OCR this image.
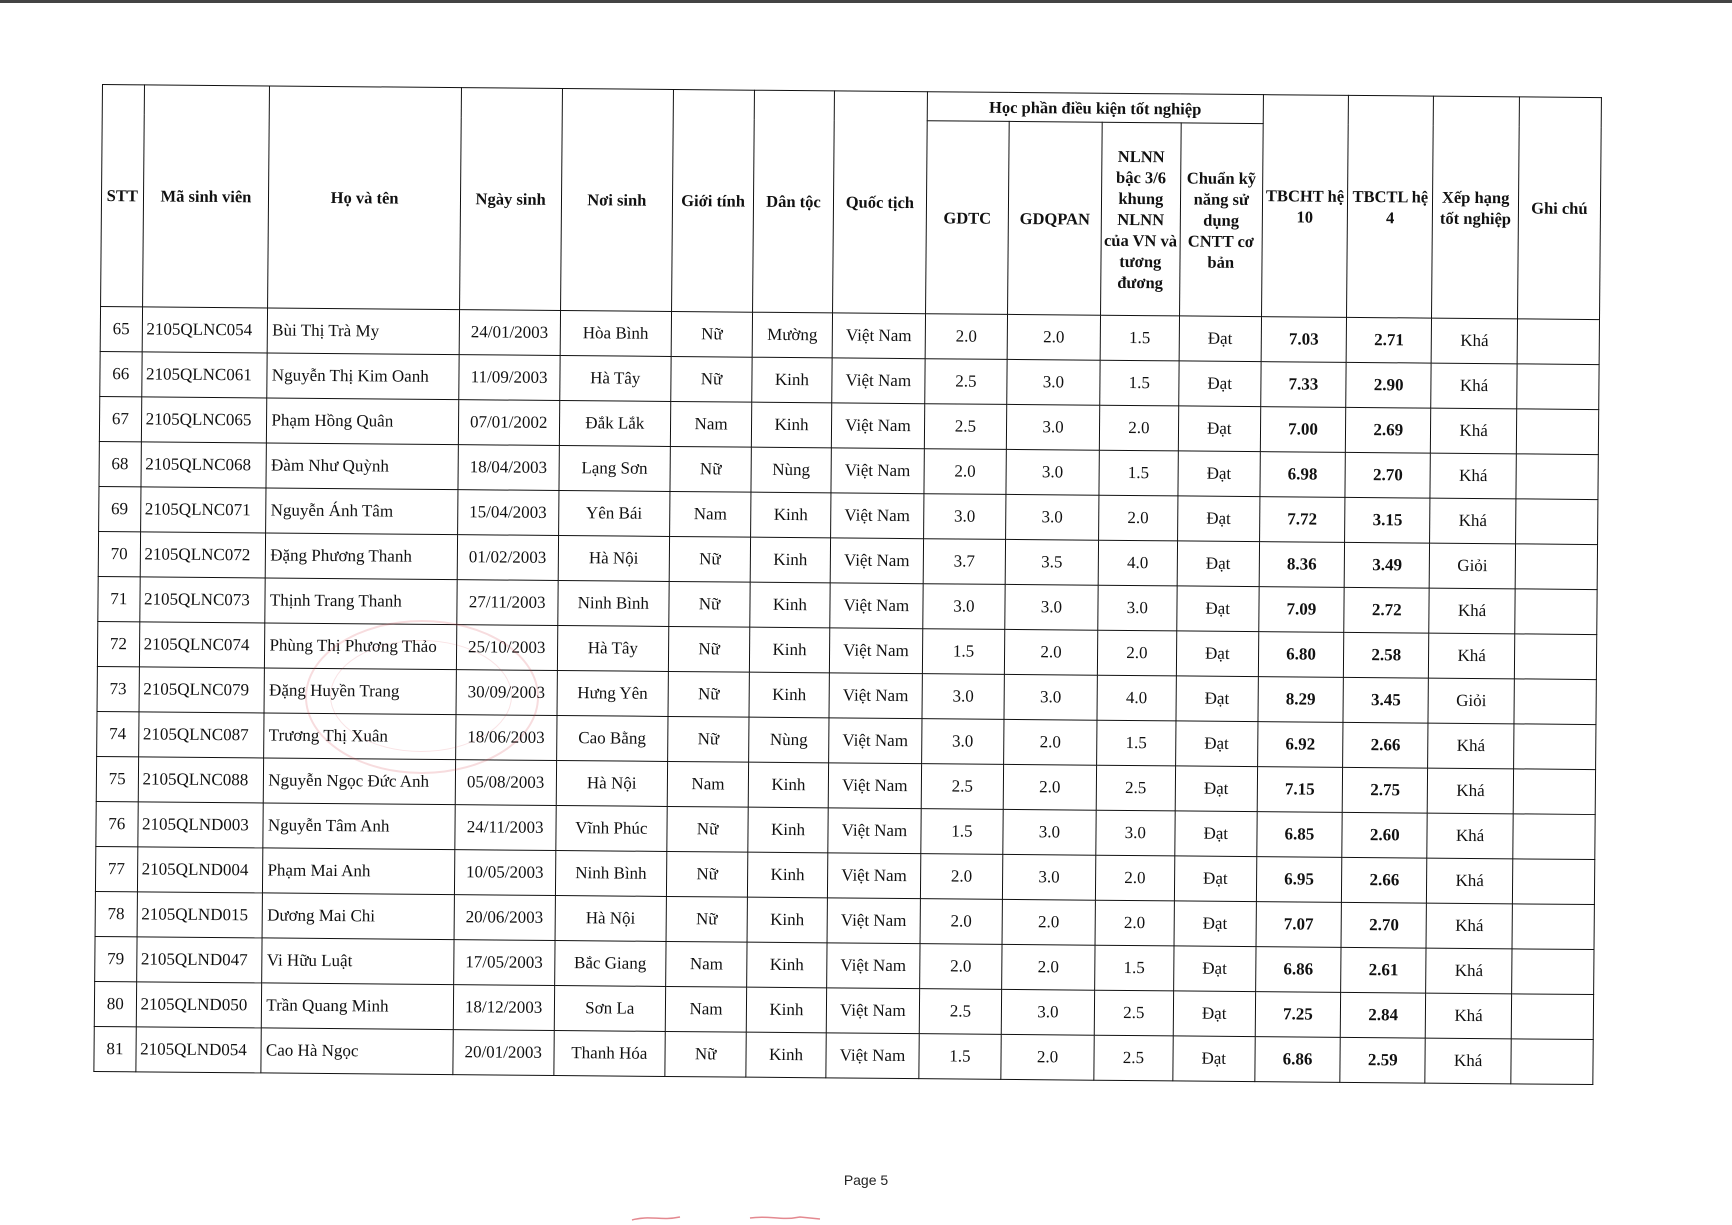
STT	Mã sinh viên	Họ và tên	Ngày sinh	Nơi sinh	Giới tính	Dân tộc	Quốc tịch	Học phần điều kiện tốt nghiệp				TBCHT hệ 10	TBCTL hệ 4	Xếp hạng tốt nghiệp	Ghi chú
								GDTC	GDQPAN	NLNN bậc 3/6 khung NLNN của VN và tương đương	Chuẩn kỹ năng sử dụng CNTT cơ bản				
65	2105QLNC054	Bùi Thị Trà My	24/01/2003	Hòa Bình	Nữ	Mường	Việt Nam	2.0	2.0	1.5	Đạt	7.03	2.71	Khá	
66	2105QLNC061	Nguyễn Thị Kim Oanh	11/09/2003	Hà Tây	Nữ	Kinh	Việt Nam	2.5	3.0	1.5	Đạt	7.33	2.90	Khá	
67	2105QLNC065	Phạm Hồng Quân	07/01/2002	Đắk Lắk	Nam	Kinh	Việt Nam	2.5	3.0	2.0	Đạt	7.00	2.69	Khá	
68	2105QLNC068	Đàm Như Quỳnh	18/04/2003	Lạng Sơn	Nữ	Nùng	Việt Nam	2.0	3.0	1.5	Đạt	6.98	2.70	Khá	
69	2105QLNC071	Nguyễn Ánh Tâm	15/04/2003	Yên Bái	Nam	Kinh	Việt Nam	3.0	3.0	2.0	Đạt	7.72	3.15	Khá	
70	2105QLNC072	Đặng Phương Thanh	01/02/2003	Hà Nội	Nữ	Kinh	Việt Nam	3.7	3.5	4.0	Đạt	8.36	3.49	Giỏi	
71	2105QLNC073	Thịnh Trang Thanh	27/11/2003	Ninh Bình	Nữ	Kinh	Việt Nam	3.0	3.0	3.0	Đạt	7.09	2.72	Khá	
72	2105QLNC074	Phùng Thị Phương Thảo	25/10/2003	Hà Tây	Nữ	Kinh	Việt Nam	1.5	2.0	2.0	Đạt	6.80	2.58	Khá	
73	2105QLNC079	Đặng Huyền Trang	30/09/2003	Hưng Yên	Nữ	Kinh	Việt Nam	3.0	3.0	4.0	Đạt	8.29	3.45	Giỏi	
74	2105QLNC087	Trương Thị Xuân	18/06/2003	Cao Bằng	Nữ	Nùng	Việt Nam	3.0	2.0	1.5	Đạt	6.92	2.66	Khá	
75	2105QLNC088	Nguyễn Ngọc Đức Anh	05/08/2003	Hà Nội	Nam	Kinh	Việt Nam	2.5	2.0	2.5	Đạt	7.15	2.75	Khá	
76	2105QLND003	Nguyễn Tâm Anh	24/11/2003	Vĩnh Phúc	Nữ	Kinh	Việt Nam	1.5	3.0	3.0	Đạt	6.85	2.60	Khá	
77	2105QLND004	Phạm Mai Anh	10/05/2003	Ninh Bình	Nữ	Kinh	Việt Nam	2.0	3.0	2.0	Đạt	6.95	2.66	Khá	
78	2105QLND015	Dương Mai Chi	20/06/2003	Hà Nội	Nữ	Kinh	Việt Nam	2.0	2.0	2.0	Đạt	7.07	2.70	Khá	
79	2105QLND047	Vi Hữu Luật	17/05/2003	Bắc Giang	Nam	Kinh	Việt Nam	2.0	2.0	1.5	Đạt	6.86	2.61	Khá	
80	2105QLND050	Trần Quang Minh	18/12/2003	Sơn La	Nam	Kinh	Việt Nam	2.5	3.0	2.5	Đạt	7.25	2.84	Khá	
81	2105QLND054	Cao Hà Ngọc	20/01/2003	Thanh Hóa	Nữ	Kinh	Việt Nam	1.5	2.0	2.5	Đạt	6.86	2.59	Khá	
Page 5
